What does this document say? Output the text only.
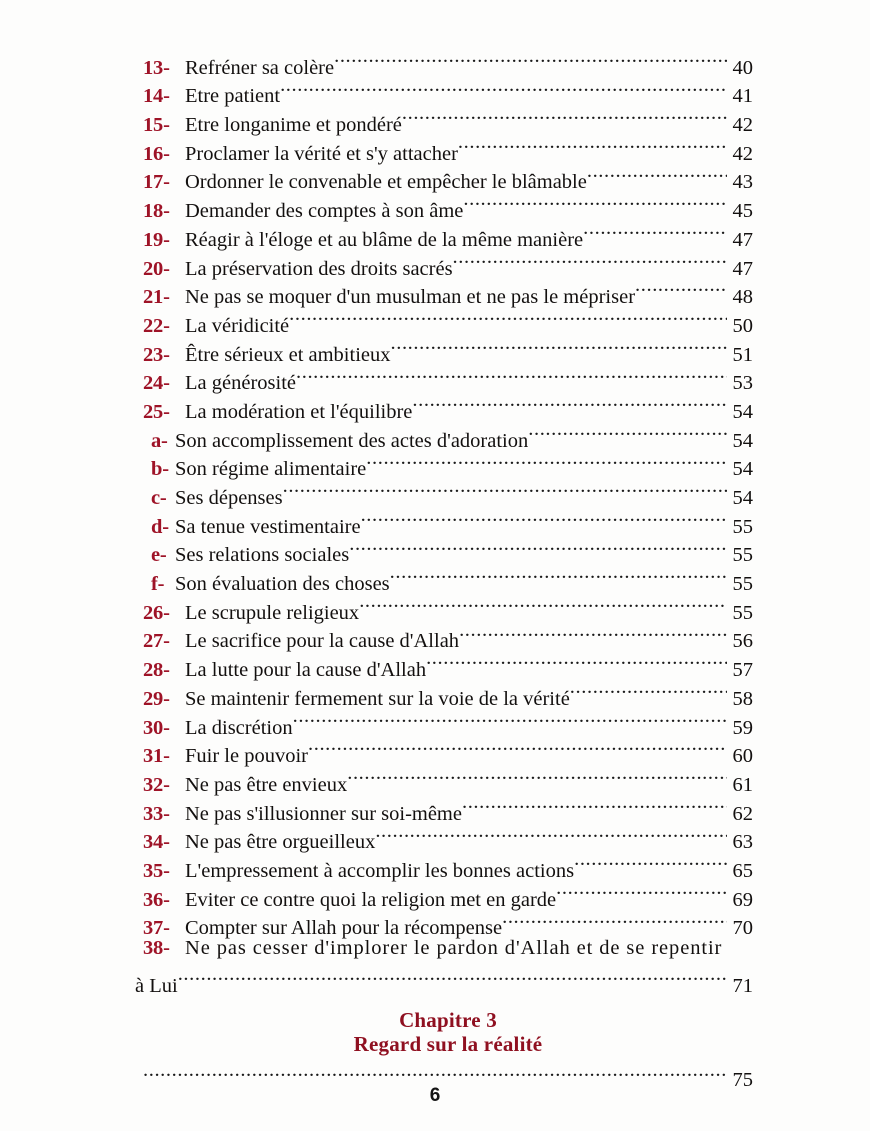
13- Refréner sa colère .....	40
14- Etre patient .....	41
15- Etre longanime et pondéré .....	42
16- Proclamer la vérité et s'y attacher .....	42
17- Ordonner le convenable et empêcher le blâmable .....	43
18- Demander des comptes à son âme .....	45
19- Réagir à l'éloge et au blâme de la même manière .....	47
20- La préservation des droits sacrés .....	47
21- Ne pas se moquer d'un musulman et ne pas le mépriser .....	48
22- La véridicité .....	50
23- Être sérieux et ambitieux .....	51
24- La générosité .....	53
25- La modération et l'équilibre .....	54
a- Son accomplissement des actes d'adoration .....	54
b- Son régime alimentaire .....	54
c- Ses dépenses .....	54
d- Sa tenue vestimentaire .....	55
e- Ses relations sociales .....	55
f- Son évaluation des choses .....	55
26- Le scrupule religieux .....	55
27- Le sacrifice pour la cause d'Allah .....	56
28- La lutte pour la cause d'Allah .....	57
29- Se maintenir fermement sur la voie de la vérité .....	58
30- La discrétion .....	59
31- Fuir le pouvoir .....	60
32- Ne pas être envieux .....	61
33- Ne pas s'illusionner sur soi-même .....	62
34- Ne pas être orgueilleux .....	63
35- L'empressement à accomplir les bonnes actions .....	65
36- Eviter ce contre quoi la religion met en garde .....	69
37- Compter sur Allah pour la récompense .....	70
38- Ne pas cesser d'implorer le pardon d'Allah et de se repentir
à Lui .....	71
Chapitre 3
Regard sur la réalité
.....
75
6
